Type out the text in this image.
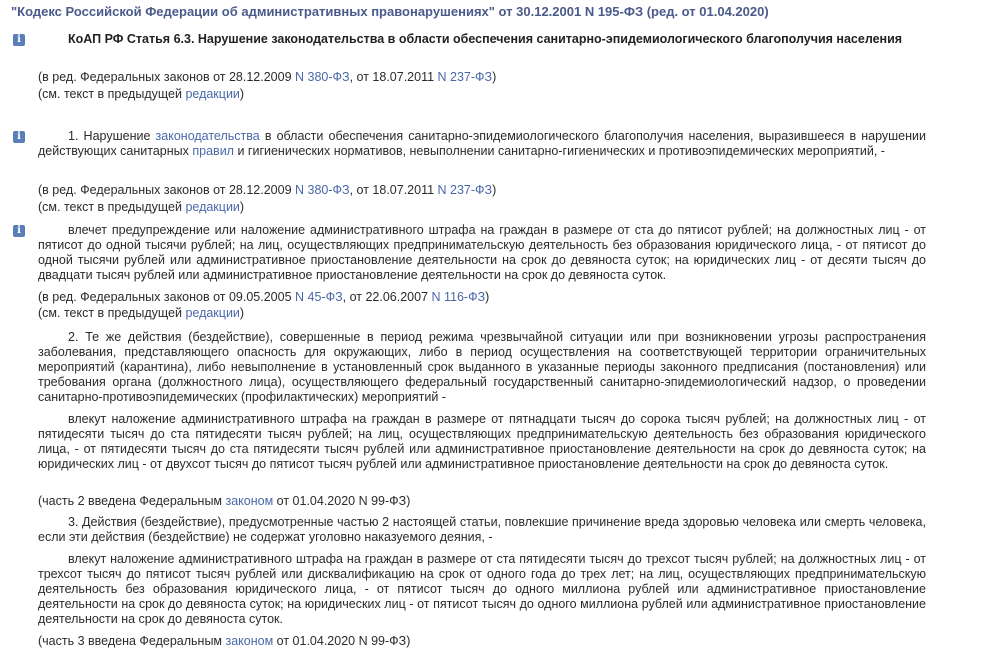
"Кодекс Российской Федерации об административных правонарушениях" от 30.12.2001 N 195-ФЗ (ред. от 01.04.2020)
i	КоАП РФ Статья 6.3. Нарушение законодательства в области обеспечения санитарно-эпидемиологического благополучия населения

(в ред. Федеральных законов от 28.12.2009 N 380-ФЗ, от 18.07.2011 N 237-ФЗ)

(см. текст в предыдущей редакции)

i	1. Нарушение законодательства в области обеспечения санитарно-эпидемиологического благополучия населения, выразившееся в нарушении действующих санитарных правил и гигиенических нормативов, невыполнении санитарно-гигиенических и противоэпидемических мероприятий, -

(в ред. Федеральных законов от 28.12.2009 N 380-ФЗ, от 18.07.2011 N 237-ФЗ)

(см. текст в предыдущей редакции)

i	влечет предупреждение или наложение административного штрафа на граждан в размере от ста до пятисот рублей; на должностных лиц - от пятисот до одной тысячи рублей; на лиц, осуществляющих предпринимательскую деятельность без образования юридического лица, - от пятисот до одной тысячи рублей или административное приостановление деятельности на срок до девяноста суток; на юридических лиц - от десяти тысяч до двадцати тысяч рублей или административное приостановление деятельности на срок до девяноста суток.

(в ред. Федеральных законов от 09.05.2005 N 45-ФЗ, от 22.06.2007 N 116-ФЗ)

(см. текст в предыдущей редакции)

2. Те же действия (бездействие), совершенные в период режима чрезвычайной ситуации или при возникновении угрозы распространения заболевания, представляющего опасность для окружающих, либо в период осуществления на соответствующей территории ограничительных мероприятий (карантина), либо невыполнение в установленный срок выданного в указанные периоды законного предписания (постановления) или требования органа (должностного лица), осуществляющего федеральный государственный санитарно-эпидемиологический надзор, о проведении санитарно-противоэпидемических (профилактических) мероприятий -

влекут наложение административного штрафа на граждан в размере от пятнадцати тысяч до сорока тысяч рублей; на должностных лиц - от пятидесяти тысяч до ста пятидесяти тысяч рублей; на лиц, осуществляющих предпринимательскую деятельность без образования юридического лица, - от пятидесяти тысяч до ста пятидесяти тысяч рублей или административное приостановление деятельности на срок до девяноста суток; на юридических лиц - от двухсот тысяч до пятисот тысяч рублей или административное приостановление деятельности на срок до девяноста суток.

(часть 2 введена Федеральным законом от 01.04.2020 N 99-ФЗ)

3. Действия (бездействие), предусмотренные частью 2 настоящей статьи, повлекшие причинение вреда здоровью человека или смерть человека, если эти действия (бездействие) не содержат уголовно наказуемого деяния, -

влекут наложение административного штрафа на граждан в размере от ста пятидесяти тысяч до трехсот тысяч рублей; на должностных лиц - от трехсот тысяч до пятисот тысяч рублей или дисквалификацию на срок от одного года до трех лет; на лиц, осуществляющих предпринимательскую деятельность без образования юридического лица, - от пятисот тысяч до одного миллиона рублей или административное приостановление деятельности на срок до девяноста суток; на юридических лиц - от пятисот тысяч до одного миллиона рублей или административное приостановление деятельности на срок до девяноста суток.

(часть 3 введена Федеральным законом от 01.04.2020 N 99-ФЗ)
